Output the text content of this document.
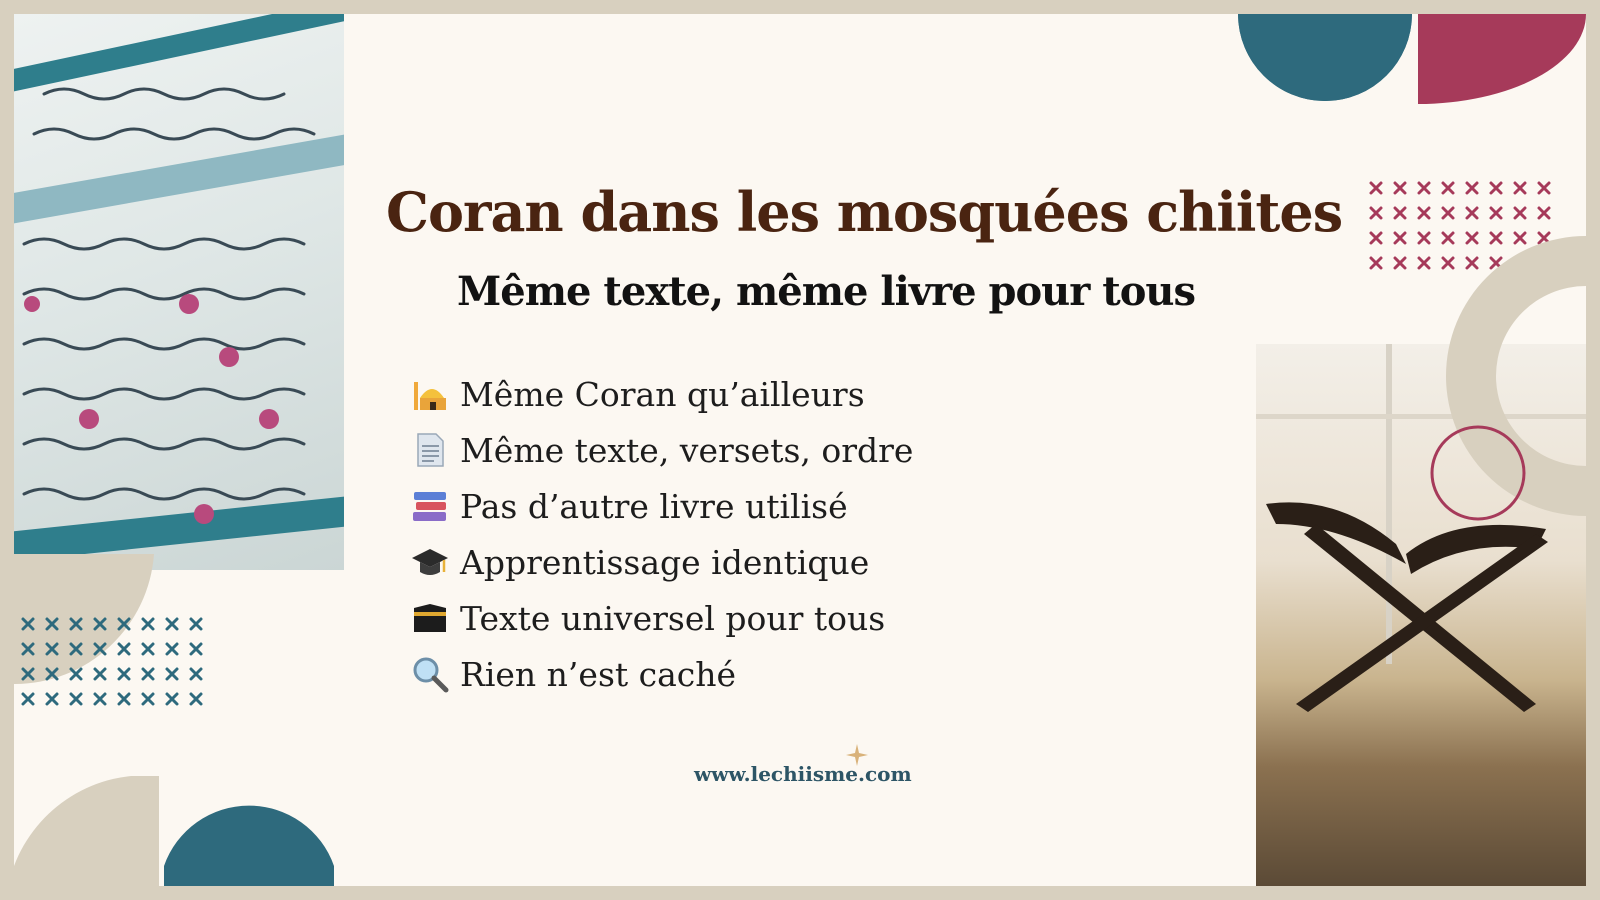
Coran dans les mosquées chiites
Même texte, même livre pour tous
Même Coran qu’ailleurs
Même texte, versets, ordre
Pas d’autre livre utilisé
Apprentissage identique
Texte universel pour tous
Rien n’est caché
www.lechiisme.com
